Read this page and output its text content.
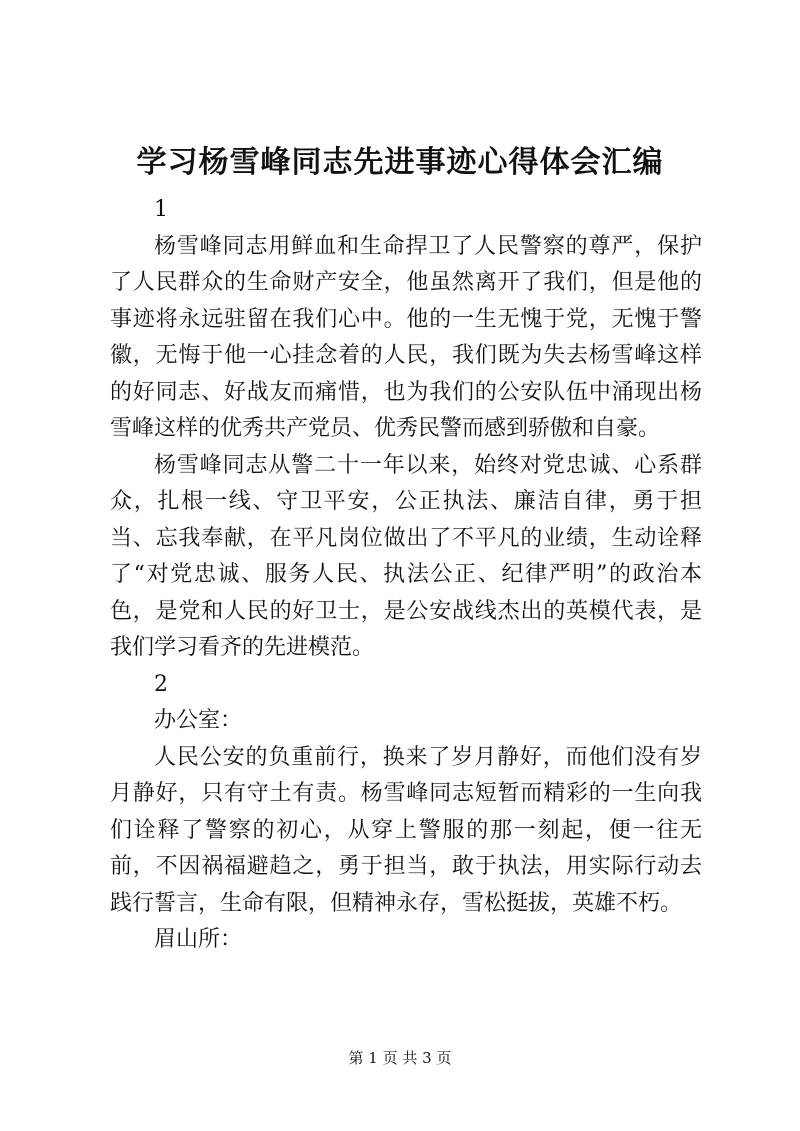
学习杨雪峰同志先进事迹心得体会汇编

1

杨雪峰同志用鲜血和生命捍卫了人民警察的尊严，保护了人民群众的生命财产安全，他虽然离开了我们，但是他的事迹将永远驻留在我们心中。他的一生无愧于党，无愧于警徽，无悔于他一心挂念着的人民，我们既为失去杨雪峰这样的好同志、好战友而痛惜，也为我们的公安队伍中涌现出杨雪峰这样的优秀共产党员、优秀民警而感到骄傲和自豪。

杨雪峰同志从警二十一年以来，始终对党忠诚、心系群众，扎根一线、守卫平安，公正执法、廉洁自律，勇于担当、忘我奉献，在平凡岗位做出了不平凡的业绩，生动诠释了“对党忠诚、服务人民、执法公正、纪律严明”的政治本色，是党和人民的好卫士，是公安战线杰出的英模代表，是我们学习看齐的先进模范。

2

办公室：

人民公安的负重前行，换来了岁月静好，而他们没有岁月静好，只有守土有责。杨雪峰同志短暂而精彩的一生向我们诠释了警察的初心，从穿上警服的那一刻起，便一往无前，不因祸福避趋之，勇于担当，敢于执法，用实际行动去践行誓言，生命有限，但精神永存，雪松挺拔，英雄不朽。

眉山所：

第 1 页 共 3 页
